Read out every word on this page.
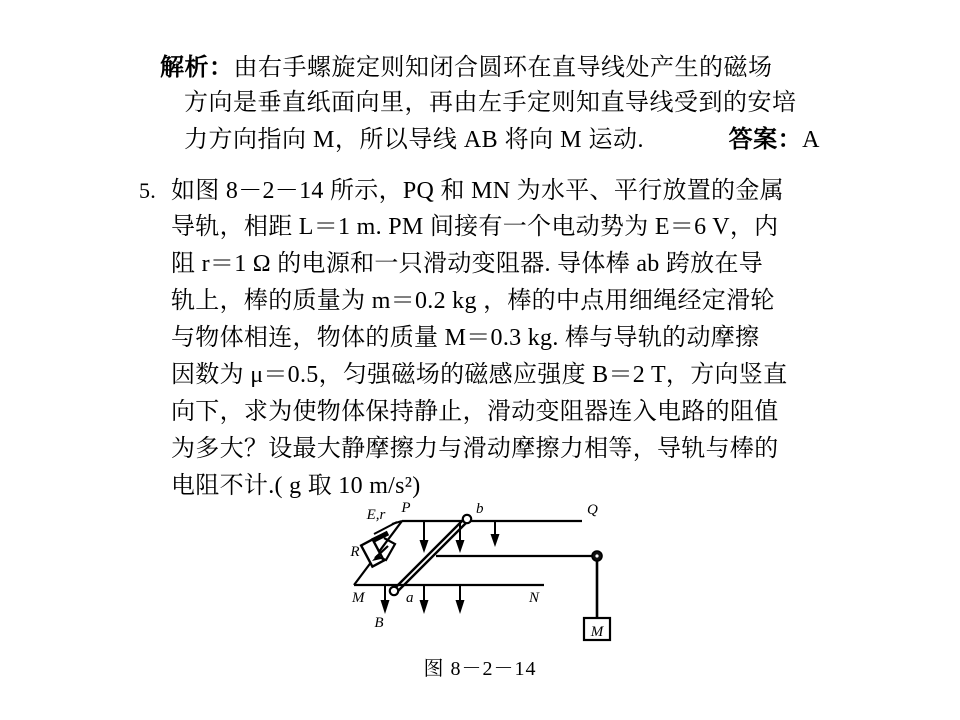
解析：由右手螺旋定则知闭合圆环在直导线处产生的磁场
方向是垂直纸面向里，再由左手定则知直导线受到的安培
力方向指向 M，所以导线 AB 将向 M 运动.	答案：A
5. 如图 8－2－14 所示，PQ 和 MN 为水平、平行放置的金属
导轨，相距 L＝1 m. PM 间接有一个电动势为 E＝6 V，内
阻 r＝1 Ω 的电源和一只滑动变阻器. 导体棒 ab 跨放在导
轨上，棒的质量为 m＝0.2 kg ，棒的中点用细绳经定滑轮
与物体相连，物体的质量 M＝0.3 kg. 棒与导轨的动摩擦
因数为 μ＝0.5，匀强磁场的磁感应强度 B＝2 T，方向竖直
向下，求为使物体保持静止，滑动变阻器连入电路的阻值
为多大？设最大静摩擦力与滑动摩擦力相等，导轨与棒的
电阻不计.( g 取 10 m/s²)
E,r
R
P	Q
M	N
b
a
B
M
图 8－2－14
